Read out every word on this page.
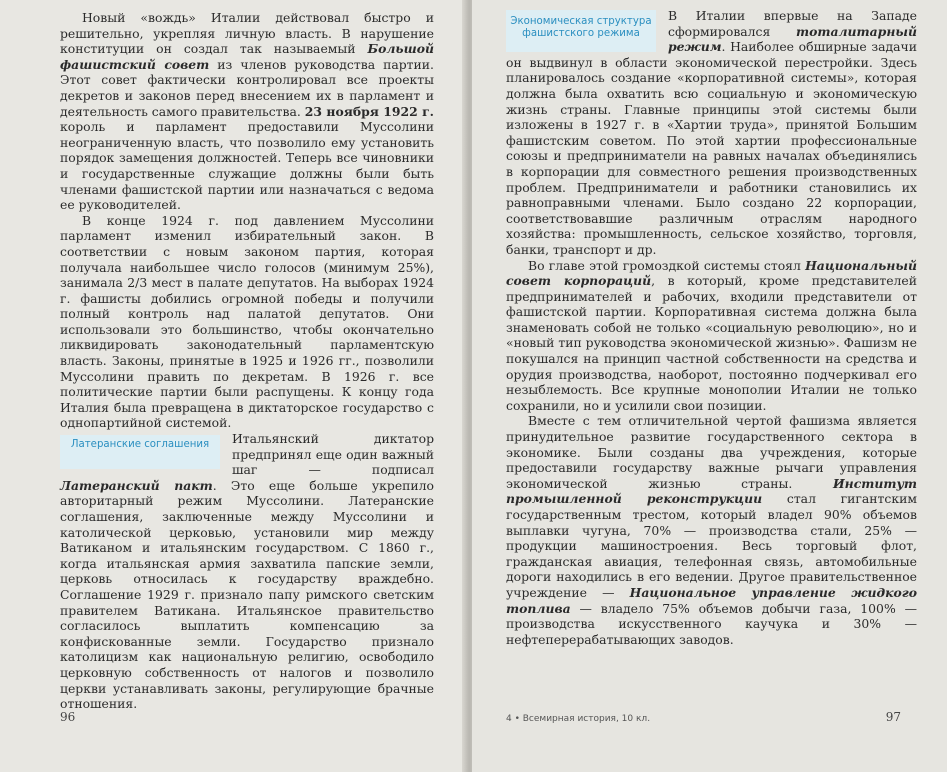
Новый «вождь» Италии действовал быстро и решительно, укрепляя личную власть. В нарушение конституции он создал так называемый Большой фашистский совет из членов руководства партии. Этот совет фактически контролировал все проекты декретов и законов перед внесением их в парламент и деятельность самого правительства. 23 ноября 1922 г. король и парламент предоставили Муссолини неограниченную власть, что позволило ему установить порядок замещения должностей. Теперь все чиновники и государственные служащие должны были быть членами фашистской партии или назначаться с ведома ее руководителей.

В конце 1924 г. под давлением Муссолини парламент изменил избирательный закон. В соответствии с новым законом партия, которая получала наибольшее число голосов (минимум 25%), занимала 2/3 мест в палате депутатов. На выборах 1924 г. фашисты добились огромной победы и получили полный контроль над палатой депутатов. Они использовали это большинство, чтобы окончательно ликвидировать законодательный парламентскую власть. Законы, принятые в 1925 и 1926 гг., позволили Муссолини править по декретам. В 1926 г. все политические партии были распущены. К концу года Италия была превращена в диктаторское государство с однопартийной системой.

Латеранские соглашения	Итальянский диктатор предпринял еще один важный шаг — подписал Латеранский пакт. Это еще больше укрепило авторитарный режим Муссолини. Латеранские соглашения, заключенные между Муссолини и католической церковью, установили мир между Ватиканом и итальянским государством. С 1860 г., когда итальянская армия захватила папские земли, церковь относилась к государству враждебно. Соглашение 1929 г. признало папу римского светским правителем Ватикана. Итальянское правительство согласилось выплатить компенсацию за конфискованные земли. Государство признало католицизм как национальную религию, освободило церковную собственность от налогов и позволило церкви устанавливать законы, регулирующие брачные отношения.

96
Экономическая структура фашистского режима

В Италии впервые на Западе сформировался тоталитарный режим. Наиболее обширные задачи он выдвинул в области экономической перестройки. Здесь планировалось создание «корпоративной системы», которая должна была охватить всю социальную и экономическую жизнь страны. Главные принципы этой системы были изложены в 1927 г. в «Хартии труда», принятой Большим фашистским советом. По этой хартии профессиональные союзы и предприниматели на равных началах объединялись в корпорации для совместного решения производственных проблем. Предприниматели и работники становились их равноправными членами. Было создано 22 корпорации, соответствовавшие различным отраслям народного хозяйства: промышленность, сельское хозяйство, торговля, банки, транспорт и др.

Во главе этой громоздкой системы стоял Национальный совет корпораций, в который, кроме представителей предпринимателей и рабочих, входили представители от фашистской партии. Корпоративная система должна была знаменовать собой не только «социальную революцию», но и «новый тип руководства экономической жизнью». Фашизм не покушался на принцип частной собственности на средства и орудия производства, наоборот, постоянно подчеркивал его незыблемость. Все крупные монополии Италии не только сохранили, но и усилили свои позиции.

Вместе с тем отличительной чертой фашизма является принудительное развитие государственного сектора в экономике. Были созданы два учреждения, которые предоставили государству важные рычаги управления экономической жизнью страны. Институт промышленной реконструкции стал гигантским государственным трестом, который владел 90% объемов выплавки чугуна, 70% — производства стали, 25% — продукции машиностроения. Весь торговый флот, гражданская авиация, телефонная связь, автомобильные дороги находились в его ведении. Другое правительственное учреждение — Национальное управление жидкого топлива — владело 75% объемов добычи газа, 100% — производства искусственного каучука и 30% — нефтеперерабатывающих заводов.

4 • Всемирная история, 10 кл.	97
